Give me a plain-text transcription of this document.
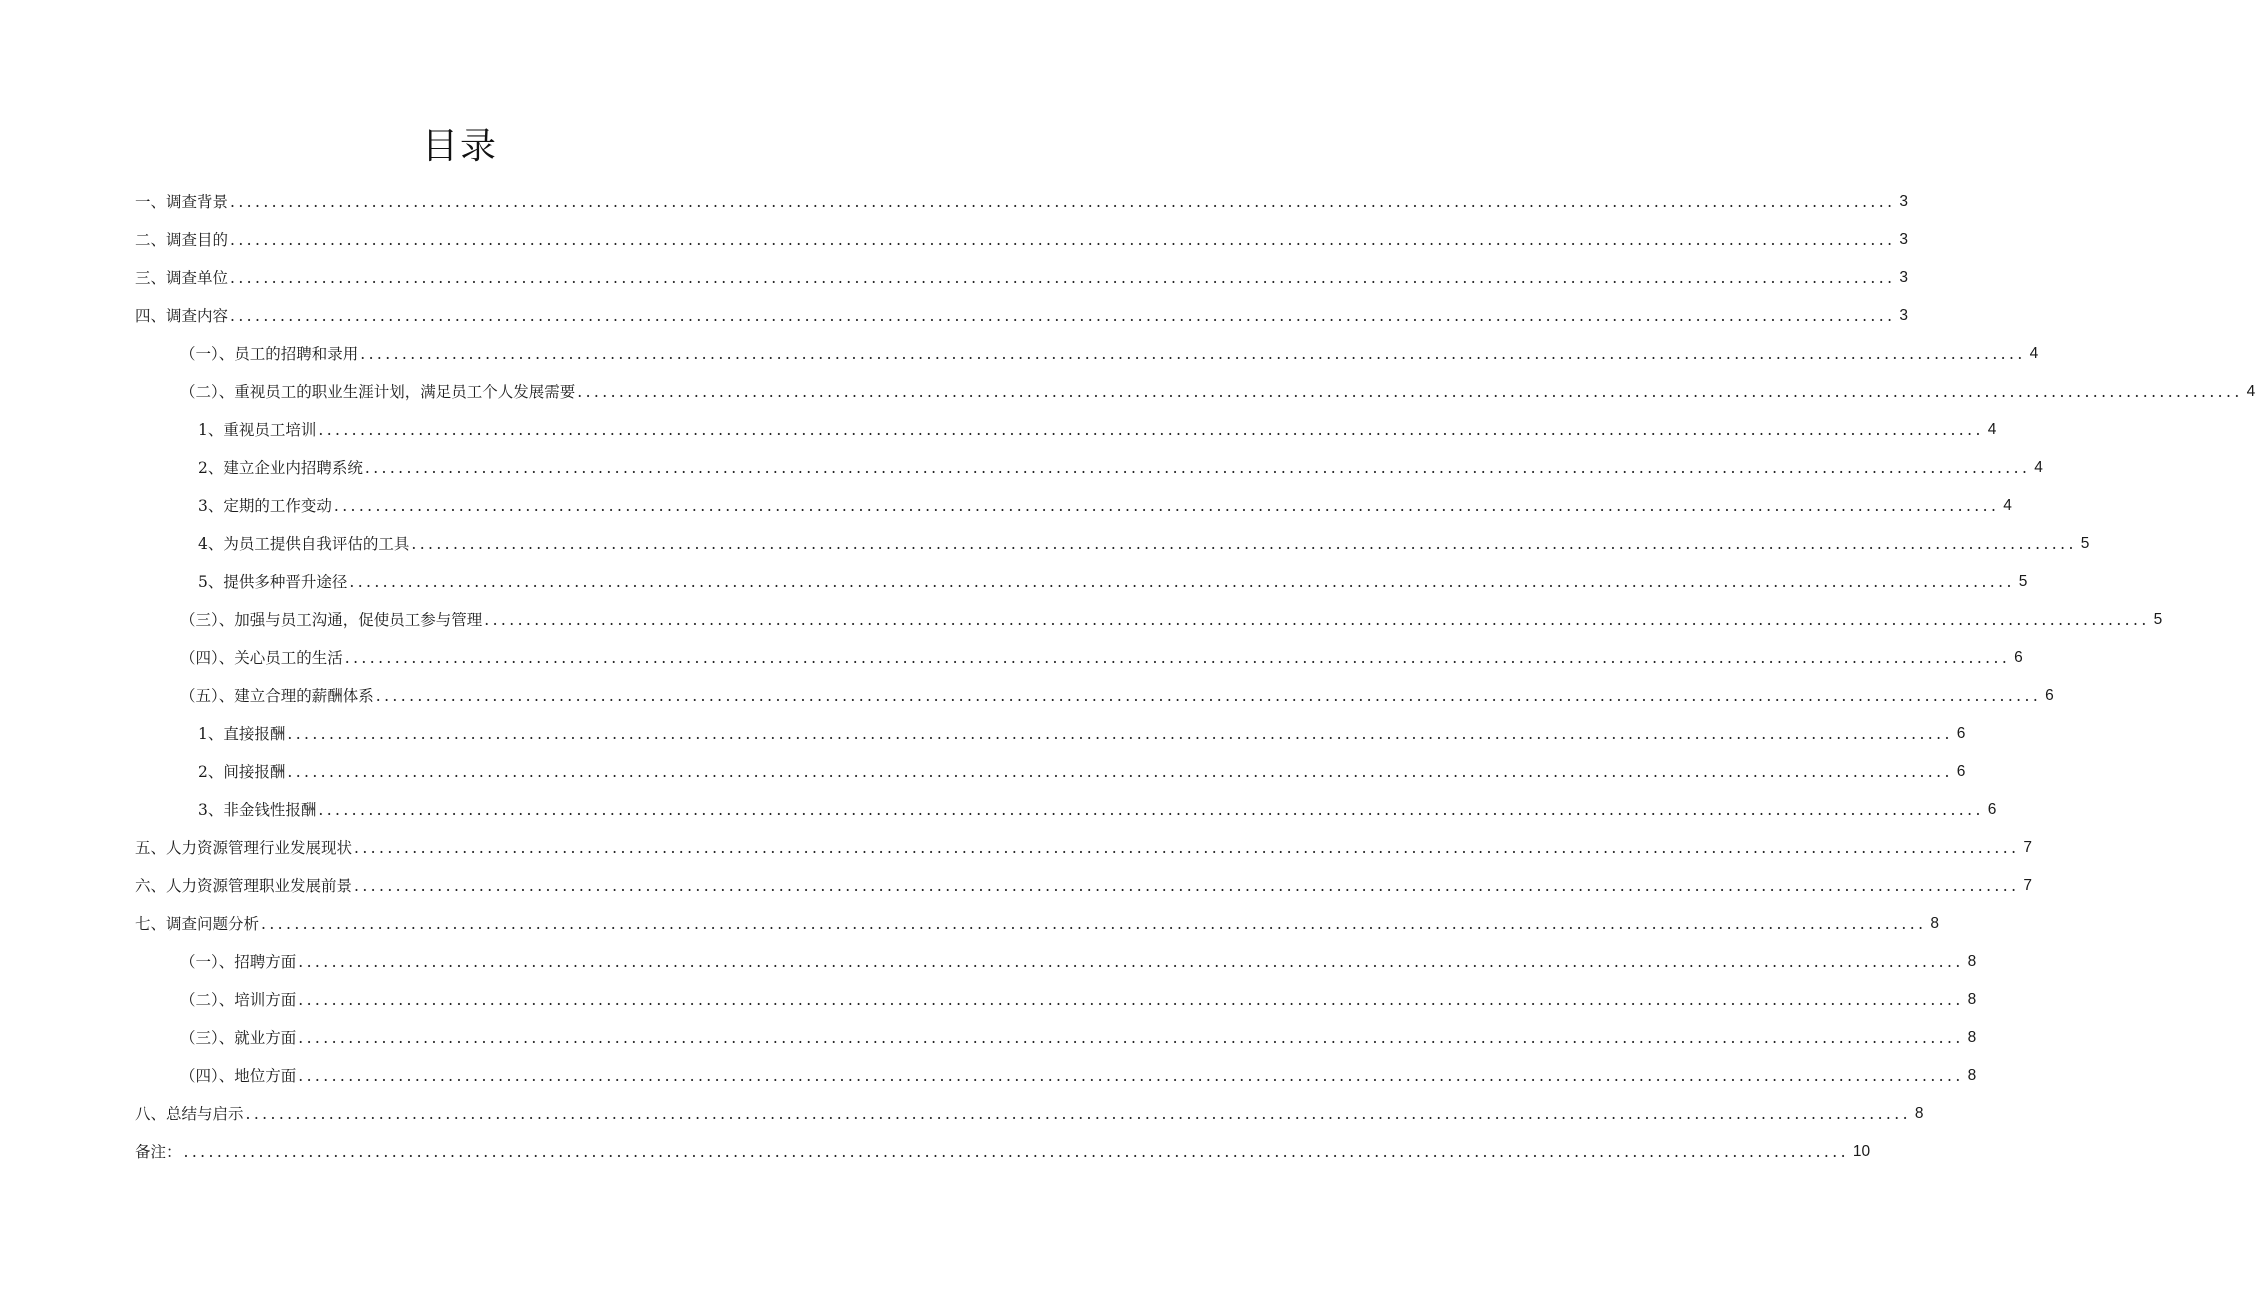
目录
一、调查背景 ........................................................................................................................................................................................................ 3
二、调查目的 ........................................................................................................................................................................................................ 3
三、调查单位 ........................................................................................................................................................................................................ 3
四、调查内容 ........................................................................................................................................................................................................ 3
（一）、员工的招聘和录用 ........................................................................................................................................................................................................ 4
（二）、重视员工的职业生涯计划，满足员工个人发展需要 ........................................................................................................................................................................................................ 4
1、重视员工培训 ........................................................................................................................................................................................................ 4
2、建立企业内招聘系统 ........................................................................................................................................................................................................ 4
3、定期的工作变动 ........................................................................................................................................................................................................ 4
4、为员工提供自我评估的工具 ........................................................................................................................................................................................................ 5
5、提供多种晋升途径 ........................................................................................................................................................................................................ 5
（三）、加强与员工沟通，促使员工参与管理 ........................................................................................................................................................................................................ 5
（四）、关心员工的生活 ........................................................................................................................................................................................................ 6
（五）、建立合理的薪酬体系 ........................................................................................................................................................................................................ 6
1、直接报酬 ........................................................................................................................................................................................................ 6
2、间接报酬 ........................................................................................................................................................................................................ 6
3、非金钱性报酬 ........................................................................................................................................................................................................ 6
五、人力资源管理行业发展现状 ........................................................................................................................................................................................................ 7
六、人力资源管理职业发展前景 ........................................................................................................................................................................................................ 7
七、调查问题分析 ........................................................................................................................................................................................................ 8
（一）、招聘方面 ........................................................................................................................................................................................................ 8
（二）、培训方面 ........................................................................................................................................................................................................ 8
（三）、就业方面 ........................................................................................................................................................................................................ 8
（四）、地位方面 ........................................................................................................................................................................................................ 8
八、总结与启示 ........................................................................................................................................................................................................ 8
备注： ........................................................................................................................................................................................................ 10
